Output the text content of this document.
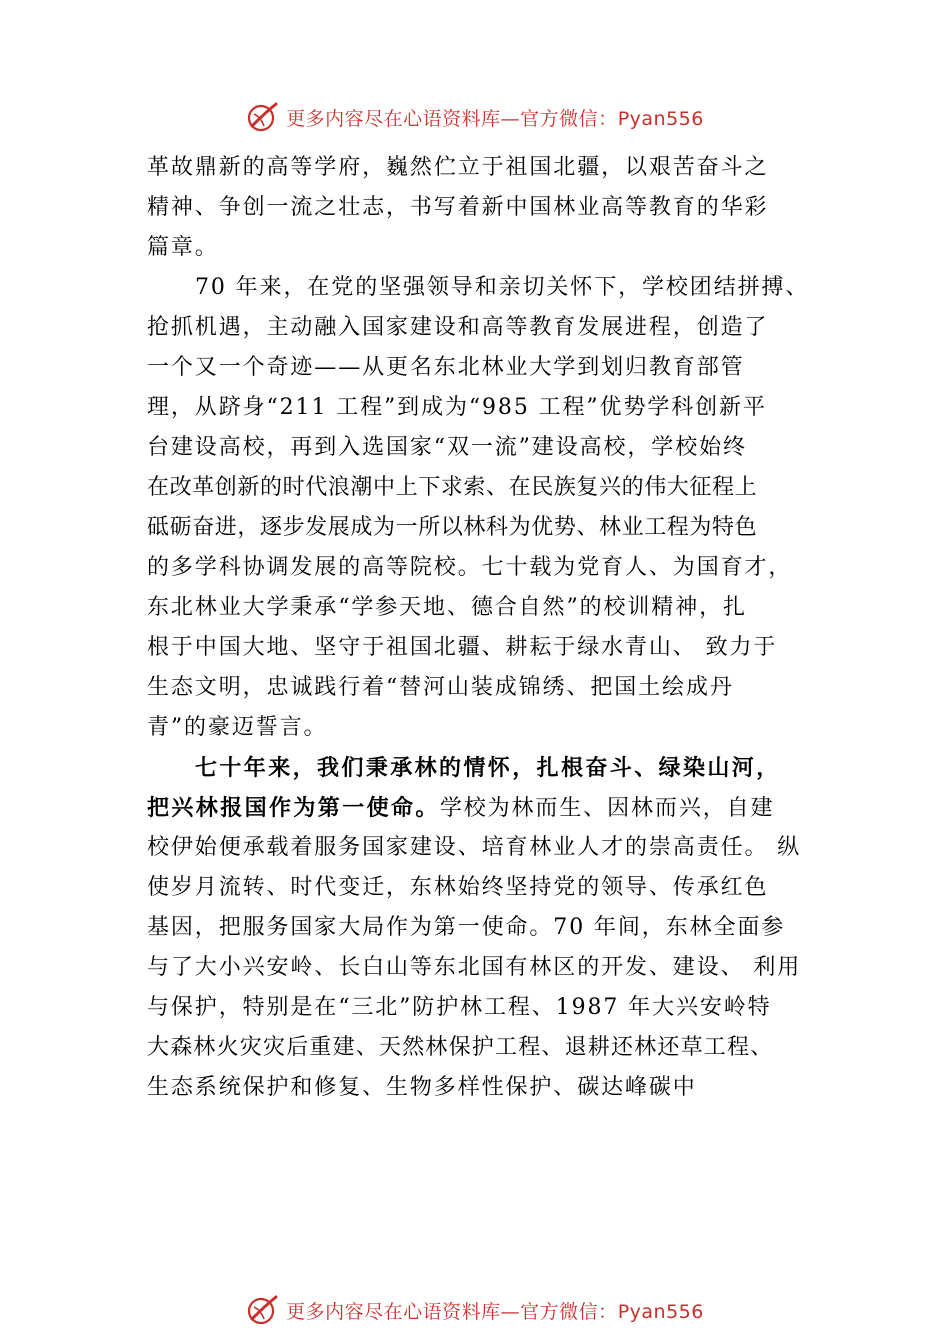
更多内容尽在心语资料库—官方微信：Pyan556
革故鼎新的高等学府，巍然伫立于祖国北疆，以艰苦奋斗之
精神、争创一流之壮志，书写着新中国林业高等教育的华彩
篇章。
70 年来，在党的坚强领导和亲切关怀下，学校团结拼搏、
抢抓机遇，主动融入国家建设和高等教育发展进程，创造了
一个又一个奇迹——从更名东北林业大学到划归教育部管
理，从跻身“211 工程”到成为“985 工程”优势学科创新平
台建设高校，再到入选国家“双一流”建设高校，学校始终
在改革创新的时代浪潮中上下求索、在民族复兴的伟大征程上
砥砺奋进，逐步发展成为一所以林科为优势、林业工程为特色
的多学科协调发展的高等院校。七十载为党育人、为国育才，
东北林业大学秉承“学参天地、德合自然”的校训精神，扎
根于中国大地、坚守于祖国北疆、耕耘于绿水青山、 致力于
生态文明，忠诚践行着“替河山装成锦绣、把国土绘成丹
青”的豪迈誓言。
七十年来，我们秉承林的情怀，扎根奋斗、绿染山河，
把兴林报国作为第一使命。学校为林而生、因林而兴，自建
校伊始便承载着服务国家建设、培育林业人才的崇高责任。 纵
使岁月流转、时代变迁，东林始终坚持党的领导、传承红色
基因，把服务国家大局作为第一使命。70 年间，东林全面参
与了大小兴安岭、长白山等东北国有林区的开发、建设、 利用
与保护，特别是在“三北”防护林工程、1987 年大兴安岭特
大森林火灾灾后重建、天然林保护工程、退耕还林还草工程、
生态系统保护和修复、生物多样性保护、碳达峰碳中
更多内容尽在心语资料库—官方微信：Pyan556
